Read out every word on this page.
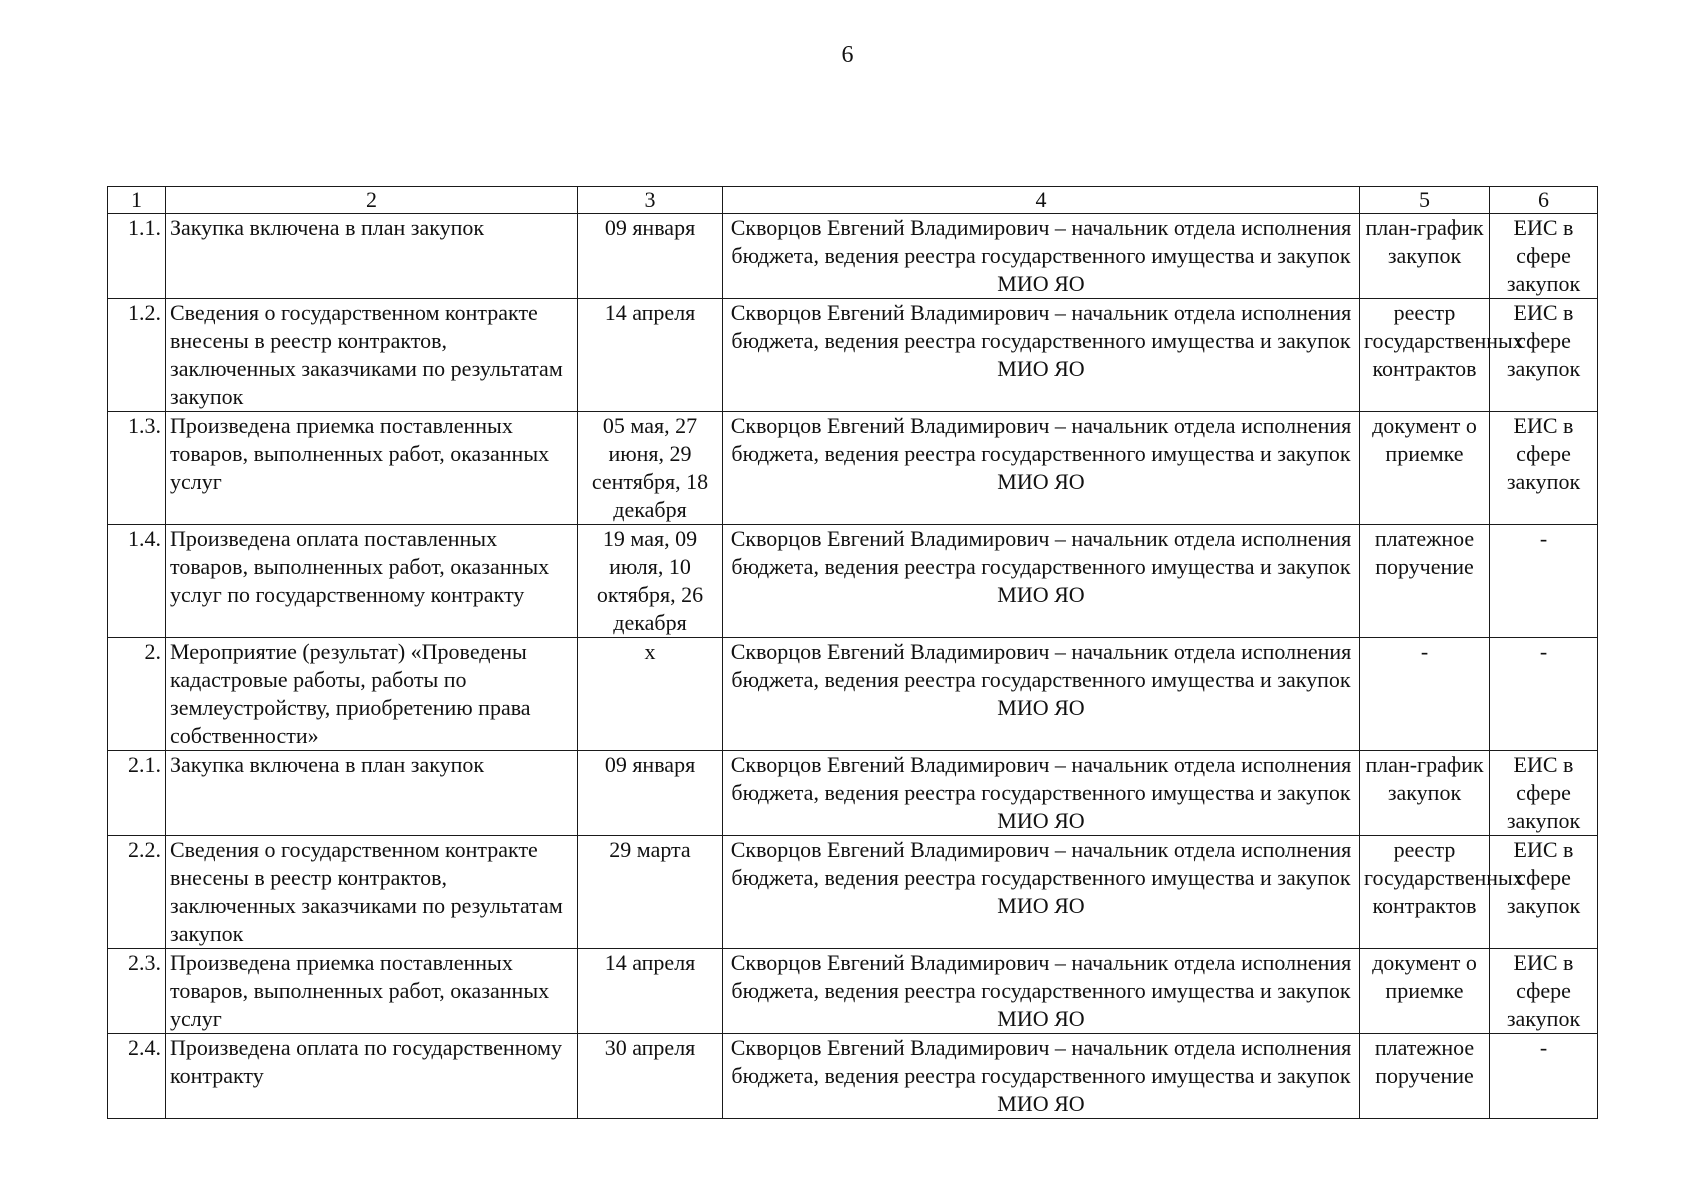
6
1	2	3	4	5	6
1.1.	Закупка включена в план закупок	09 января	Скворцов Евгений Владимирович – начальник отдела исполнения бюджета, ведения реестра государственного имущества и закупок МИО ЯО	план-график закупок	ЕИС в сфере закупок
1.2.	Сведения о государственном контракте внесены в реестр контрактов, заключенных заказчиками по результатам закупок	14 апреля	Скворцов Евгений Владимирович – начальник отдела исполнения бюджета, ведения реестра государственного имущества и закупок МИО ЯО	реестр государственных контрактов	ЕИС в сфере закупок
1.3.	Произведена приемка поставленных товаров, выполненных работ, оказанных услуг	05 мая, 27 июня, 29 сентября, 18 декабря	Скворцов Евгений Владимирович – начальник отдела исполнения бюджета, ведения реестра государственного имущества и закупок МИО ЯО	документ о приемке	ЕИС в сфере закупок
1.4.	Произведена оплата поставленных товаров, выполненных работ, оказанных услуг по государственному контракту	19 мая, 09 июля, 10 октября, 26 декабря	Скворцов Евгений Владимирович – начальник отдела исполнения бюджета, ведения реестра государственного имущества и закупок МИО ЯО	платежное поручение	-
2.	Мероприятие (результат) «Проведены кадастровые работы, работы по землеустройству, приобретению права собственности»	х	Скворцов Евгений Владимирович – начальник отдела исполнения бюджета, ведения реестра государственного имущества и закупок МИО ЯО	-	-
2.1.	Закупка включена в план закупок	09 января	Скворцов Евгений Владимирович – начальник отдела исполнения бюджета, ведения реестра государственного имущества и закупок МИО ЯО	план-график закупок	ЕИС в сфере закупок
2.2.	Сведения о государственном контракте внесены в реестр контрактов, заключенных заказчиками по результатам закупок	29 марта	Скворцов Евгений Владимирович – начальник отдела исполнения бюджета, ведения реестра государственного имущества и закупок МИО ЯО	реестр государственных контрактов	ЕИС в сфере закупок
2.3.	Произведена приемка поставленных товаров, выполненных работ, оказанных услуг	14 апреля	Скворцов Евгений Владимирович – начальник отдела исполнения бюджета, ведения реестра государственного имущества и закупок МИО ЯО	документ о приемке	ЕИС в сфере закупок
2.4.	Произведена оплата по государственному контракту	30 апреля	Скворцов Евгений Владимирович – начальник отдела исполнения бюджета, ведения реестра государственного имущества и закупок МИО ЯО	платежное поручение	-
